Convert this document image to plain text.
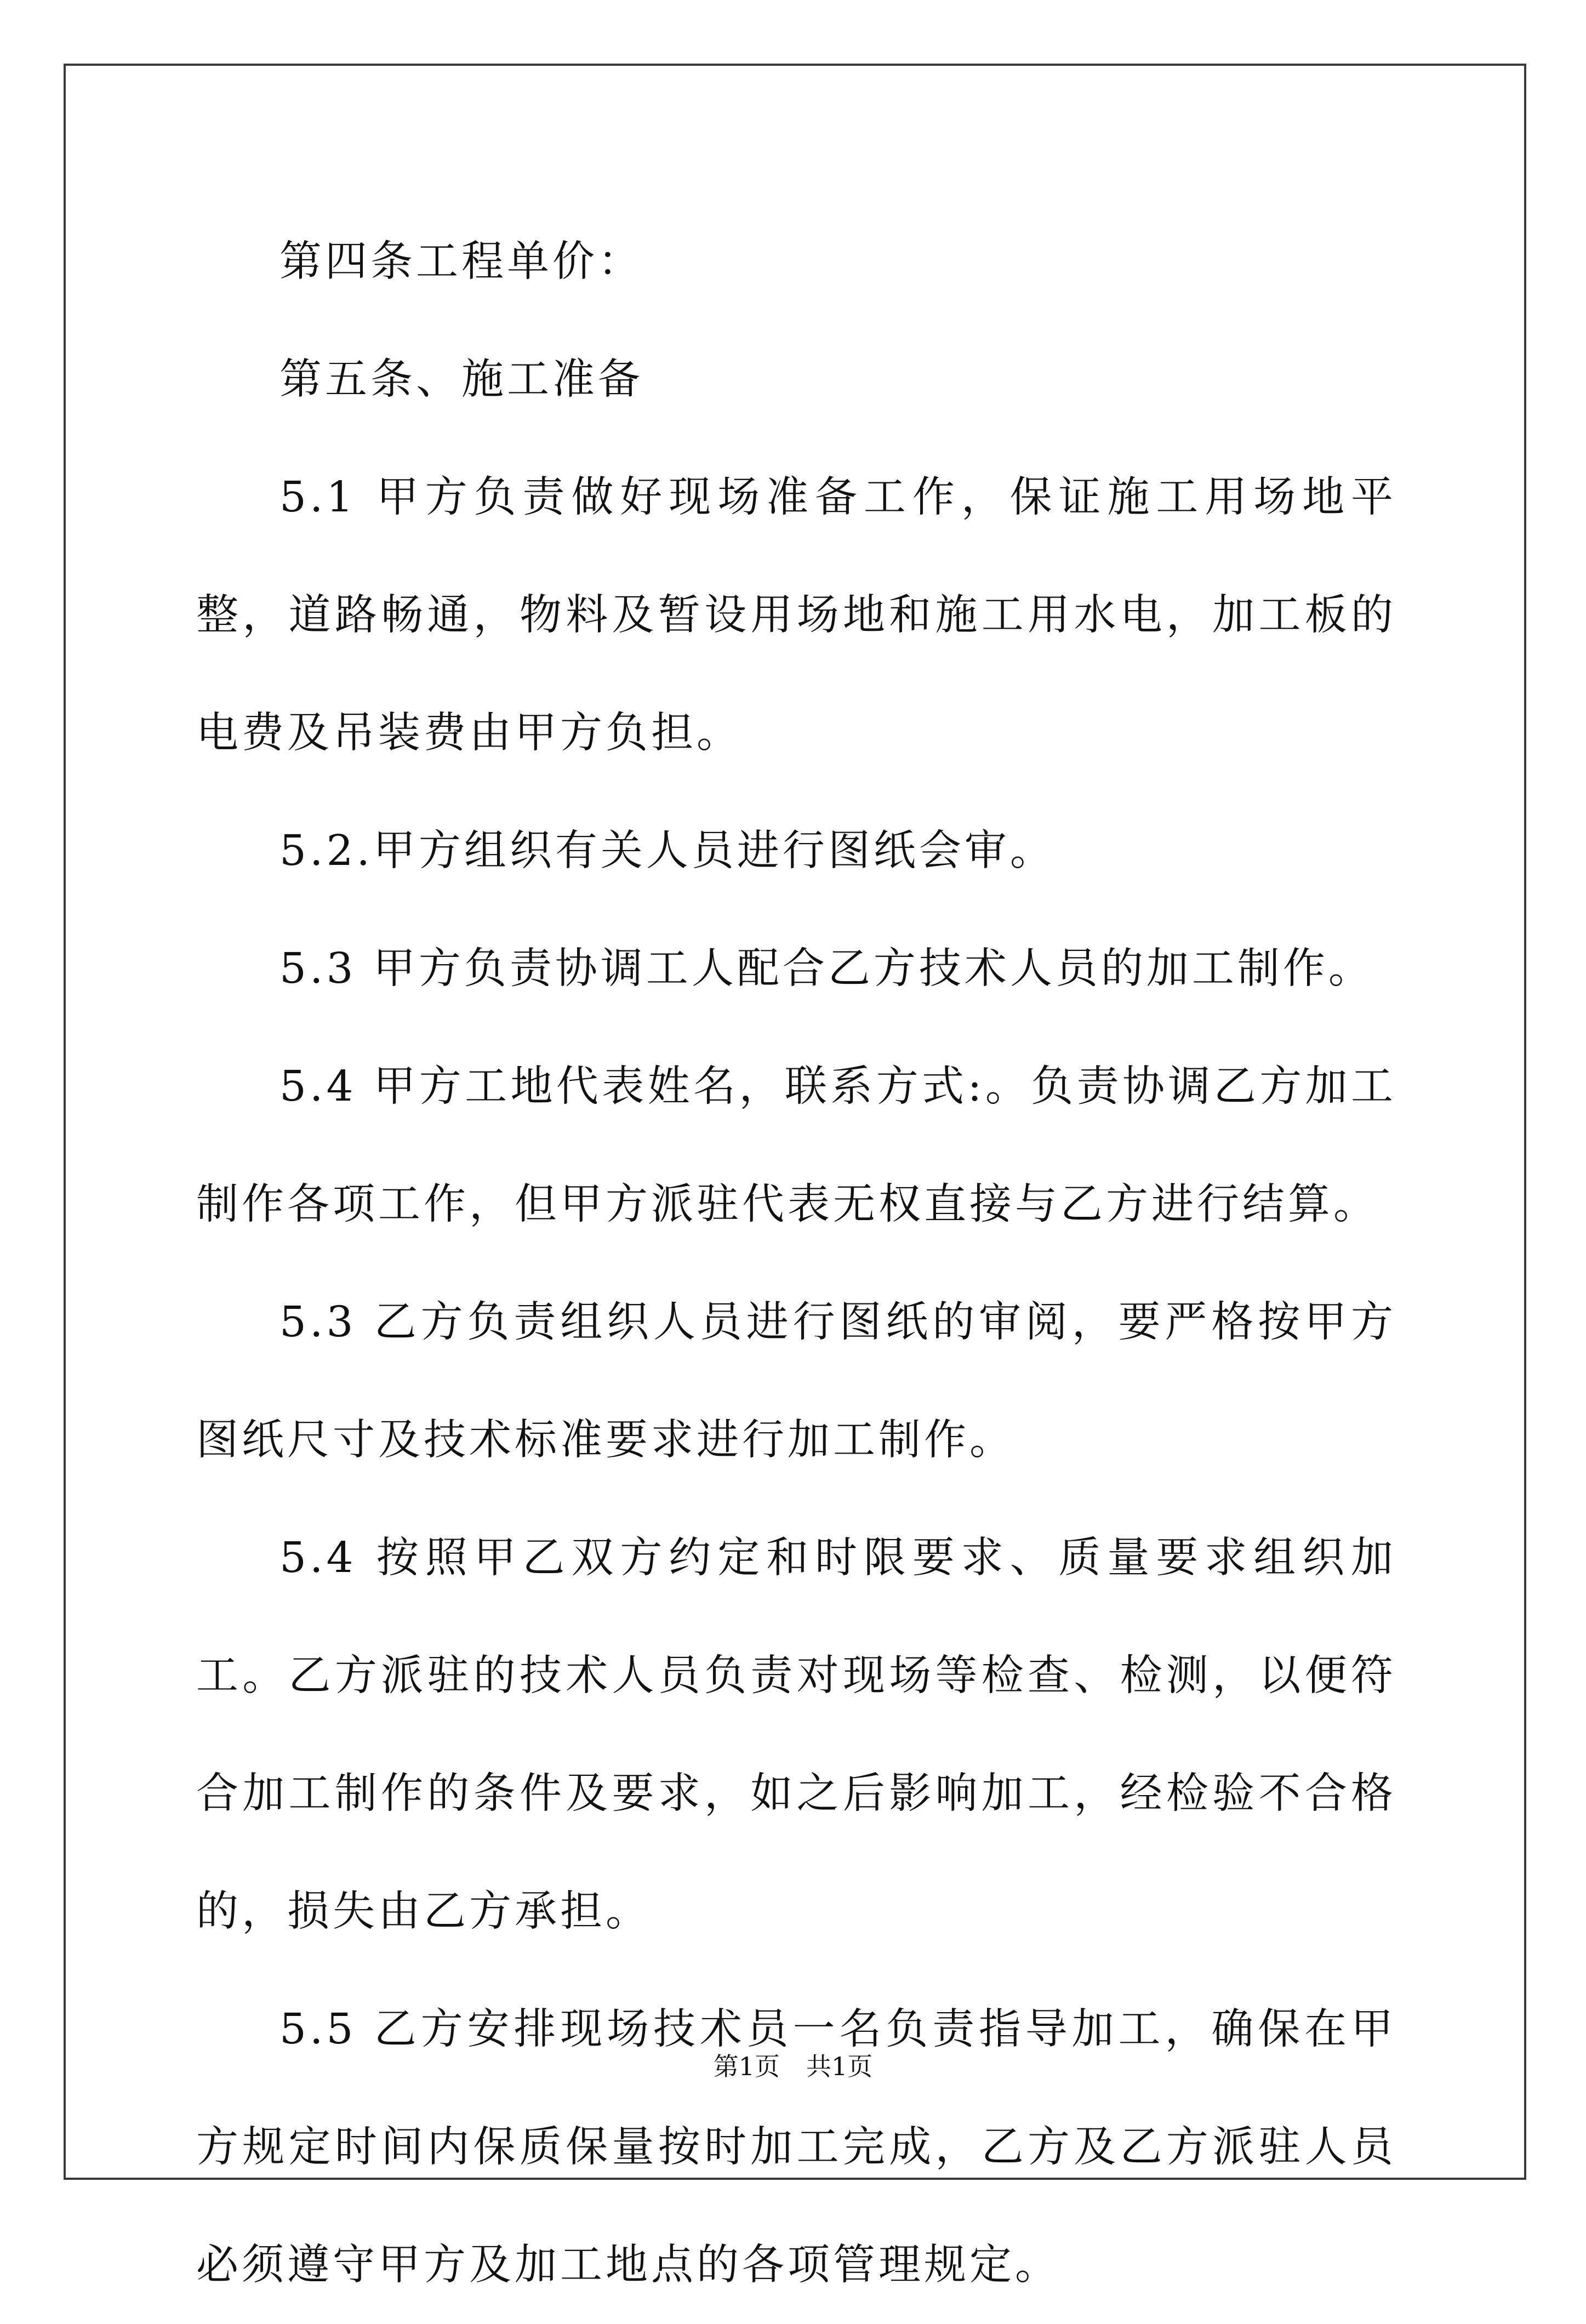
第四条工程单价：

第五条、施工准备

5.1 甲方负责做好现场准备工作，保证施工用场地平整，道路畅通，物料及暂设用场地和施工用水电，加工板的电费及吊装费由甲方负担。

5.2.甲方组织有关人员进行图纸会审。

5.3 甲方负责协调工人配合乙方技术人员的加工制作。

5.4 甲方工地代表姓名，联系方式:。负责协调乙方加工制作各项工作，但甲方派驻代表无权直接与乙方进行结算。

5.3 乙方负责组织人员进行图纸的审阅，要严格按甲方图纸尺寸及技术标准要求进行加工制作。

5.4 按照甲乙双方约定和时限要求、质量要求组织加工。乙方派驻的技术人员负责对现场等检查、检测，以便符合加工制作的条件及要求，如之后影响加工，经检验不合格的，损失由乙方承担。

5.5 乙方安排现场技术员一名负责指导加工，确保在甲方规定时间内保质保量按时加工完成，乙方及乙方派驻人员必须遵守甲方及加工地点的各项管理规定。

第1页 共1页
